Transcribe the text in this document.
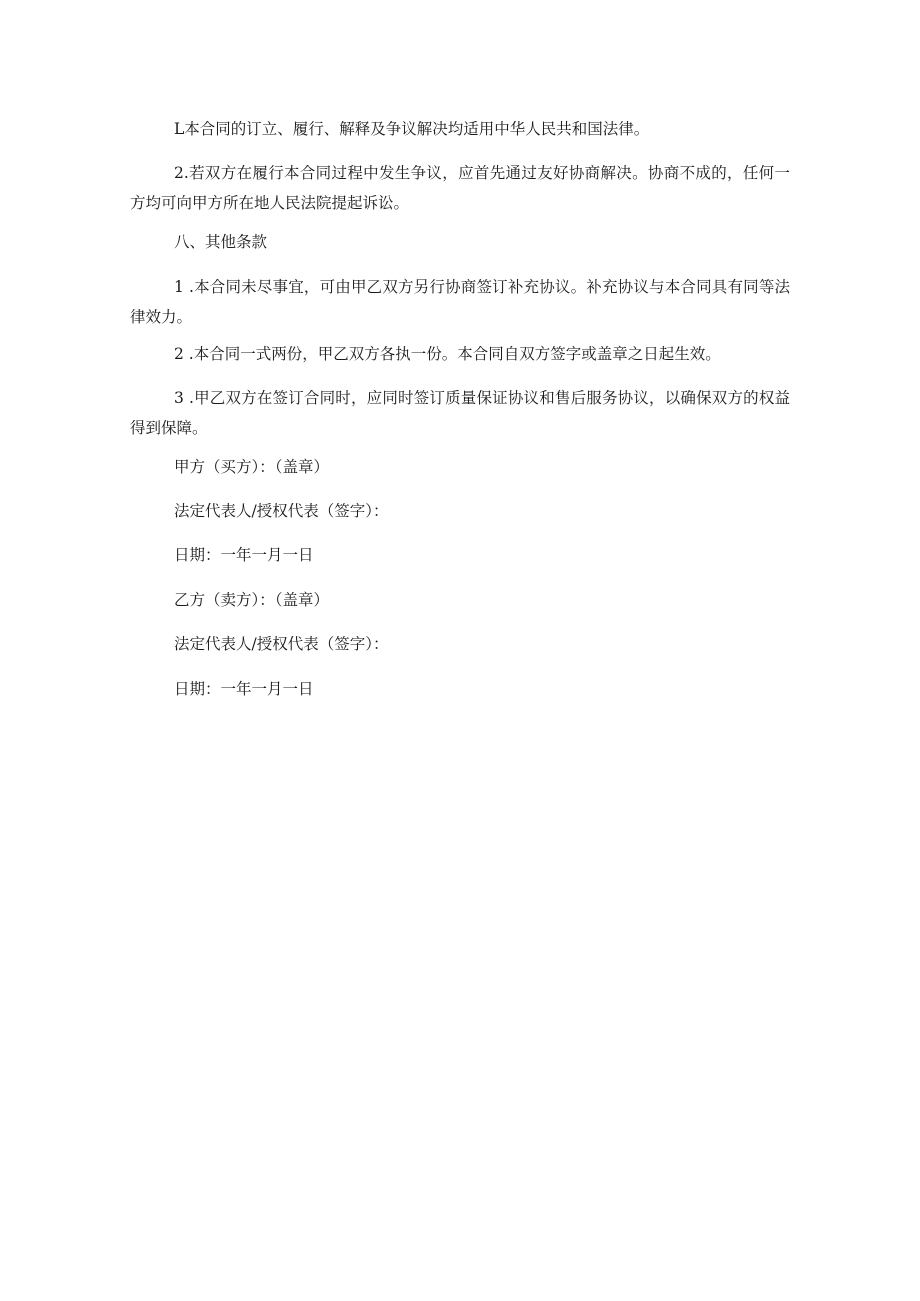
L本合同的订立、履行、解释及争议解决均适用中华人民共和国法律。
2.若双方在履行本合同过程中发生争议，应首先通过友好协商解决。协商不成的，任何一方均可向甲方所在地人民法院提起诉讼。
八、其他条款
1 .本合同未尽事宜，可由甲乙双方另行协商签订补充协议。补充协议与本合同具有同等法律效力。
2 .本合同一式两份，甲乙双方各执一份。本合同自双方签字或盖章之日起生效。
3 .甲乙双方在签订合同时，应同时签订质量保证协议和售后服务协议，以确保双方的权益得到保障。
甲方（买方）：（盖章）
法定代表人/授权代表（签字）：
日期：一年一月一日
乙方（卖方）：（盖章）
法定代表人/授权代表（签字）：
日期：一年一月一日
